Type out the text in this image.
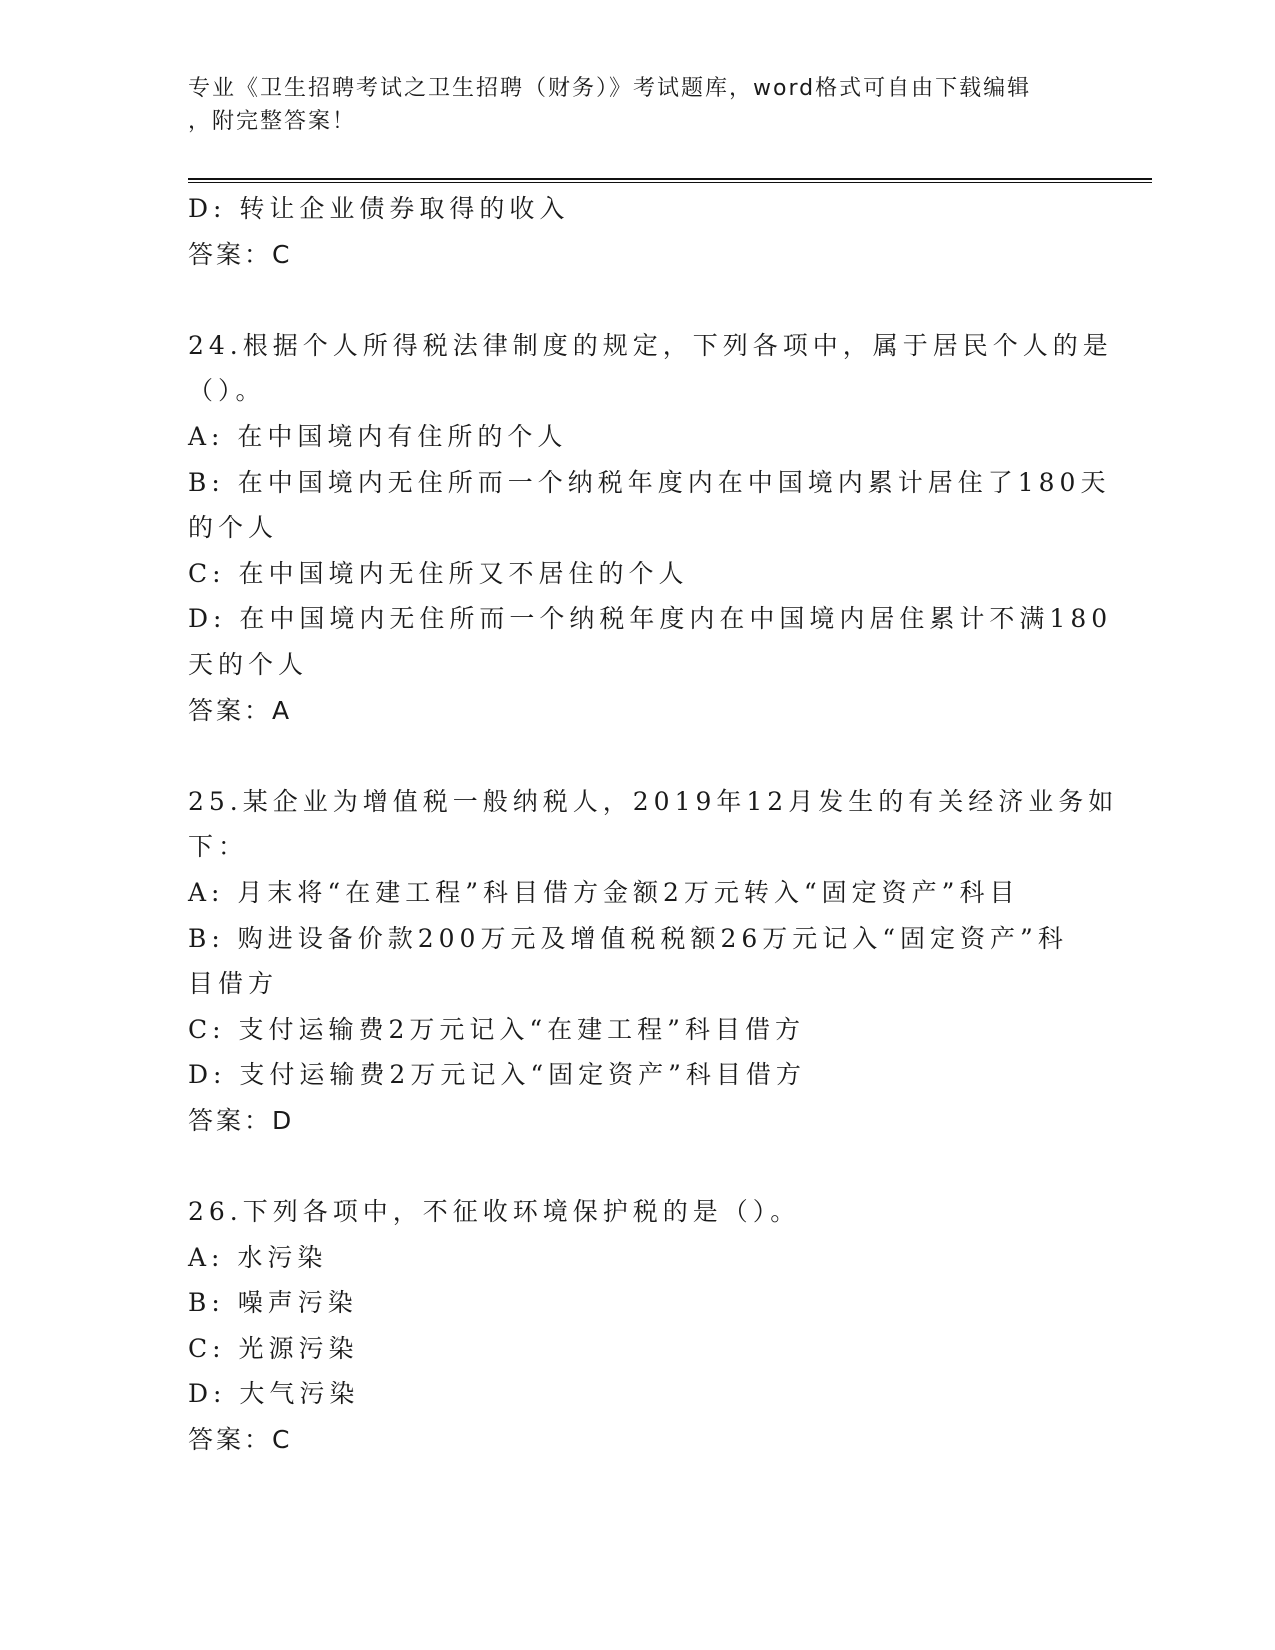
专业《卫生招聘考试之卫生招聘（财务）》考试题库，word格式可自由下载编辑
，附完整答案！
D: 转让企业债券取得的收入
答案：C
24.根据个人所得税法律制度的规定，下列各项中，属于居民个人的是
（）。
A: 在中国境内有住所的个人
B: 在中国境内无住所而一个纳税年度内在中国境内累计居住了180天
的个人
C: 在中国境内无住所又不居住的个人
D: 在中国境内无住所而一个纳税年度内在中国境内居住累计不满180
天的个人
答案：A
25.某企业为增值税一般纳税人，2019年12月发生的有关经济业务如
下：
A: 月末将“在建工程”科目借方金额2万元转入“固定资产”科目
B: 购进设备价款200万元及增值税税额26万元记入“固定资产”科
目借方
C: 支付运输费2万元记入“在建工程”科目借方
D: 支付运输费2万元记入“固定资产”科目借方
答案：D
26.下列各项中，不征收环境保护税的是（）。
A: 水污染
B: 噪声污染
C: 光源污染
D: 大气污染
答案：C
